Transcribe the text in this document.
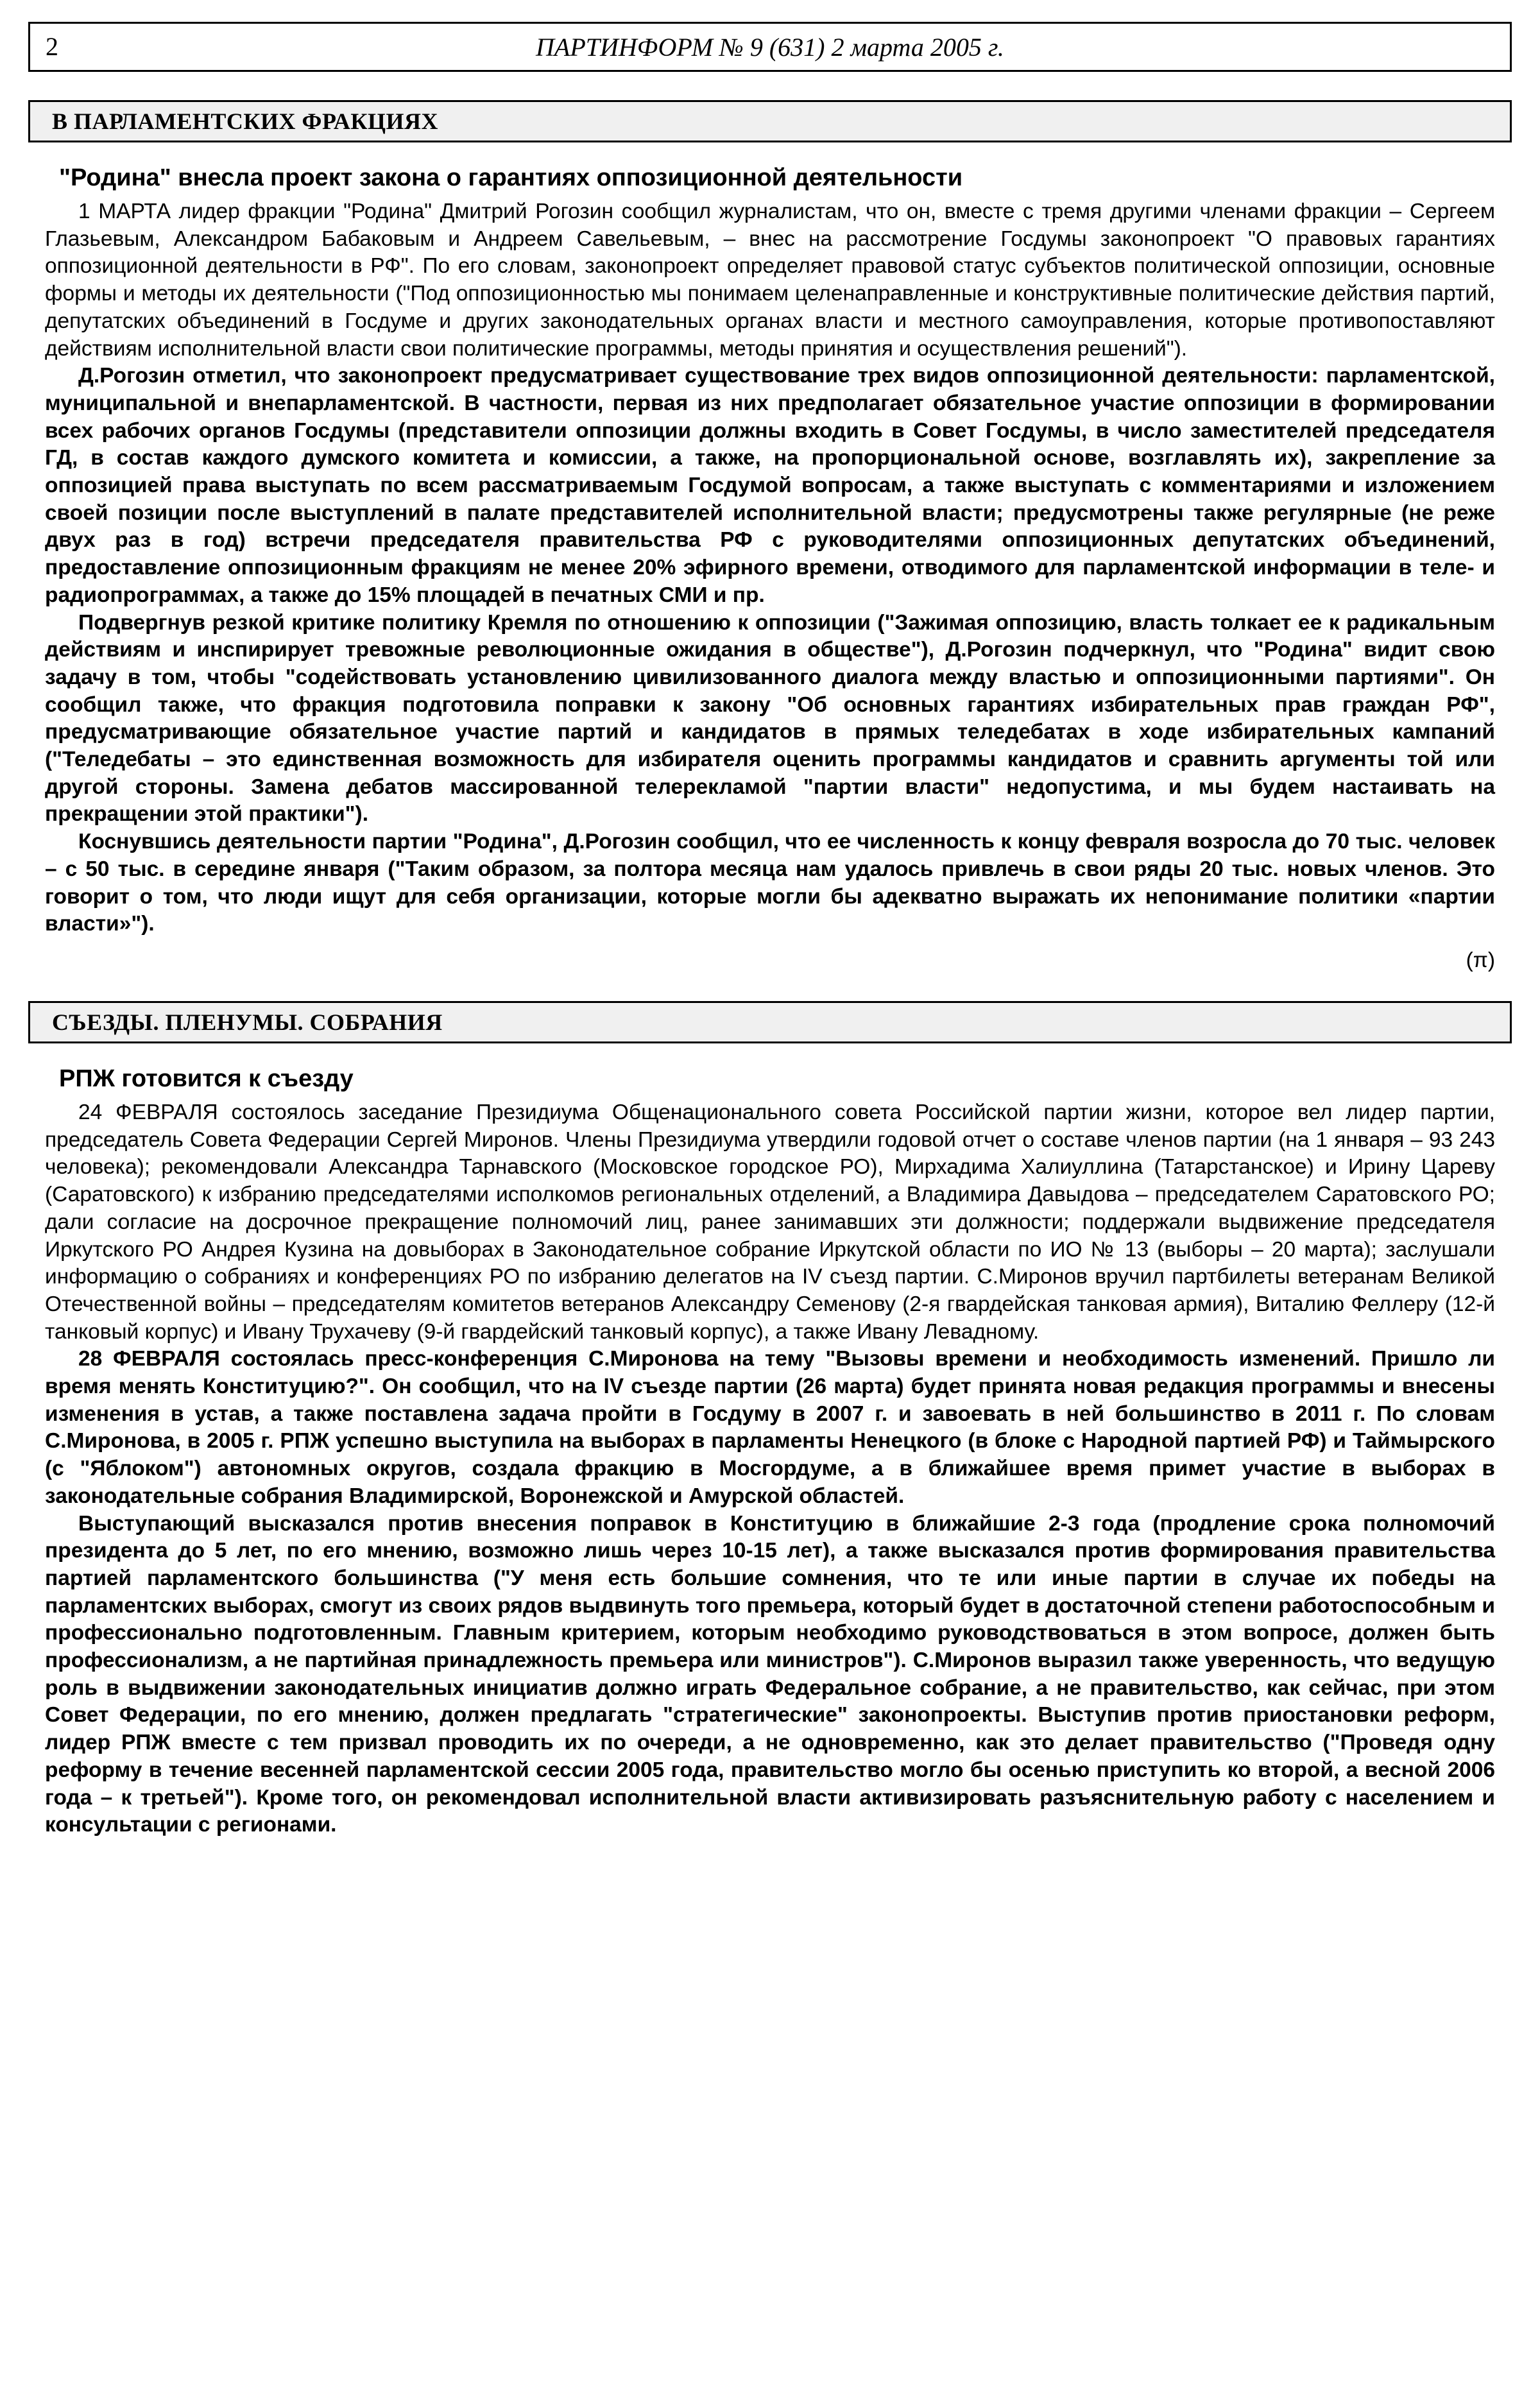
2	ПАРТИНФОРМ № 9 (631) 2 марта 2005 г.
В ПАРЛАМЕНТСКИХ ФРАКЦИЯХ
"Родина" внесла проект закона о гарантиях оппозиционной деятельности

1 МАРТА лидер фракции "Родина" Дмитрий Рогозин сообщил журналистам, что он, вместе с тремя другими членами фракции – Сергеем Глазьевым, Александром Бабаковым и Андреем Савельевым, – внес на рассмотрение Госдумы законопроект "О правовых гарантиях оппозиционной деятельности в РФ". По его словам, законопроект определяет правовой статус субъектов политической оппозиции, основные формы и методы их деятельности ("Под оппозиционностью мы понимаем целенаправленные и конструктивные политические действия партий, депутатских объединений в Госдуме и других законодательных органах власти и местного самоуправления, которые противопоставляют действиям исполнительной власти свои политические программы, методы принятия и осуществления решений").

Д.Рогозин отметил, что законопроект предусматривает существование трех видов оппозиционной деятельности: парламентской, муниципальной и внепарламентской. В частности, первая из них предполагает обязательное участие оппозиции в формировании всех рабочих органов Госдумы (представители оппозиции должны входить в Совет Госдумы, в число заместителей председателя ГД, в состав каждого думского комитета и комиссии, а также, на пропорциональной основе, возглавлять их), закрепление за оппозицией права выступать по всем рассматриваемым Госдумой вопросам, а также выступать с комментариями и изложением своей позиции после выступлений в палате представителей исполнительной власти; предусмотрены также регулярные (не реже двух раз в год) встречи председателя правительства РФ с руководителями оппозиционных депутатских объединений, предоставление оппозиционным фракциям не менее 20% эфирного времени, отводимого для парламентской информации в теле- и радиопрограммах, а также до 15% площадей в печатных СМИ и пр.

Подвергнув резкой критике политику Кремля по отношению к оппозиции ("Зажимая оппозицию, власть толкает ее к радикальным действиям и инспирирует тревожные революционные ожидания в обществе"), Д.Рогозин подчеркнул, что "Родина" видит свою задачу в том, чтобы "содействовать установлению цивилизованного диалога между властью и оппозиционными партиями". Он сообщил также, что фракция подготовила поправки к закону "Об основных гарантиях избирательных прав граждан РФ", предусматривающие обязательное участие партий и кандидатов в прямых теледебатах в ходе избирательных кампаний ("Теледебаты – это единственная возможность для избирателя оценить программы кандидатов и сравнить аргументы той или другой стороны. Замена дебатов массированной телерекламой "партии власти" недопустима, и мы будем настаивать на прекращении этой практики").

Коснувшись деятельности партии "Родина", Д.Рогозин сообщил, что ее численность к концу февраля возросла до 70 тыс. человек – с 50 тыс. в середине января ("Таким образом, за полтора месяца нам удалось привлечь в свои ряды 20 тыс. новых членов. Это говорит о том, что люди ищут для себя организации, которые могли бы адекватно выражать их непонимание политики «партии власти»").

(π)

СЪЕЗДЫ. ПЛЕНУМЫ. СОБРАНИЯ
РПЖ готовится к съезду

24 ФЕВРАЛЯ состоялось заседание Президиума Общенационального совета Российской партии жизни, которое вел лидер партии, председатель Совета Федерации Сергей Миронов. Члены Президиума утвердили годовой отчет о составе членов партии (на 1 января – 93 243 человека); рекомендовали Александра Тарнавского (Московское городское РО), Мирхадима Халиуллина (Татарстанское) и Ирину Цареву (Саратовского) к избранию председателями исполкомов региональных отделений, а Владимира Давыдова – председателем Саратовского РО; дали согласие на досрочное прекращение полномочий лиц, ранее занимавших эти должности; поддержали выдвижение председателя Иркутского РО Андрея Кузина на довыборах в Законодательное собрание Иркутской области по ИО № 13 (выборы – 20 марта); заслушали информацию о собраниях и конференциях РО по избранию делегатов на IV съезд партии. С.Миронов вручил партбилеты ветеранам Великой Отечественной войны – председателям комитетов ветеранов Александру Семенову (2-я гвардейская танковая армия), Виталию Феллеру (12-й танковый корпус) и Ивану Трухачеву (9-й гвардейский танковый корпус), а также Ивану Левадному.

28 ФЕВРАЛЯ состоялась пресс-конференция С.Миронова на тему "Вызовы времени и необходимость изменений. Пришло ли время менять Конституцию?". Он сообщил, что на IV съезде партии (26 марта) будет принята новая редакция программы и внесены изменения в устав, а также поставлена задача пройти в Госдуму в 2007 г. и завоевать в ней большинство в 2011 г. По словам С.Миронова, в 2005 г. РПЖ успешно выступила на выборах в парламенты Ненецкого (в блоке с Народной партией РФ) и Таймырского (с "Яблоком") автономных округов, создала фракцию в Мосгордуме, а в ближайшее время примет участие в выборах в законодательные собрания Владимирской, Воронежской и Амурской областей.

Выступающий высказался против внесения поправок в Конституцию в ближайшие 2-3 года (продление срока полномочий президента до 5 лет, по его мнению, возможно лишь через 10-15 лет), а также высказался против формирования правительства партией парламентского большинства ("У меня есть большие сомнения, что те или иные партии в случае их победы на парламентских выборах, смогут из своих рядов выдвинуть того премьера, который будет в достаточной степени работоспособным и профессионально подготовленным. Главным критерием, которым необходимо руководствоваться в этом вопросе, должен быть профессионализм, а не партийная принадлежность премьера или министров"). С.Миронов выразил также уверенность, что ведущую роль в выдвижении законодательных инициатив должно играть Федеральное собрание, а не правительство, как сейчас, при этом Совет Федерации, по его мнению, должен предлагать "стратегические" законопроекты. Выступив против приостановки реформ, лидер РПЖ вместе с тем призвал проводить их по очереди, а не одновременно, как это делает правительство ("Проведя одну реформу в течение весенней парламентской сессии 2005 года, правительство могло бы осенью приступить ко второй, а весной 2006 года – к третьей"). Кроме того, он рекомендовал исполнительной власти активизировать разъяснительную работу с населением и консультации с регионами.
